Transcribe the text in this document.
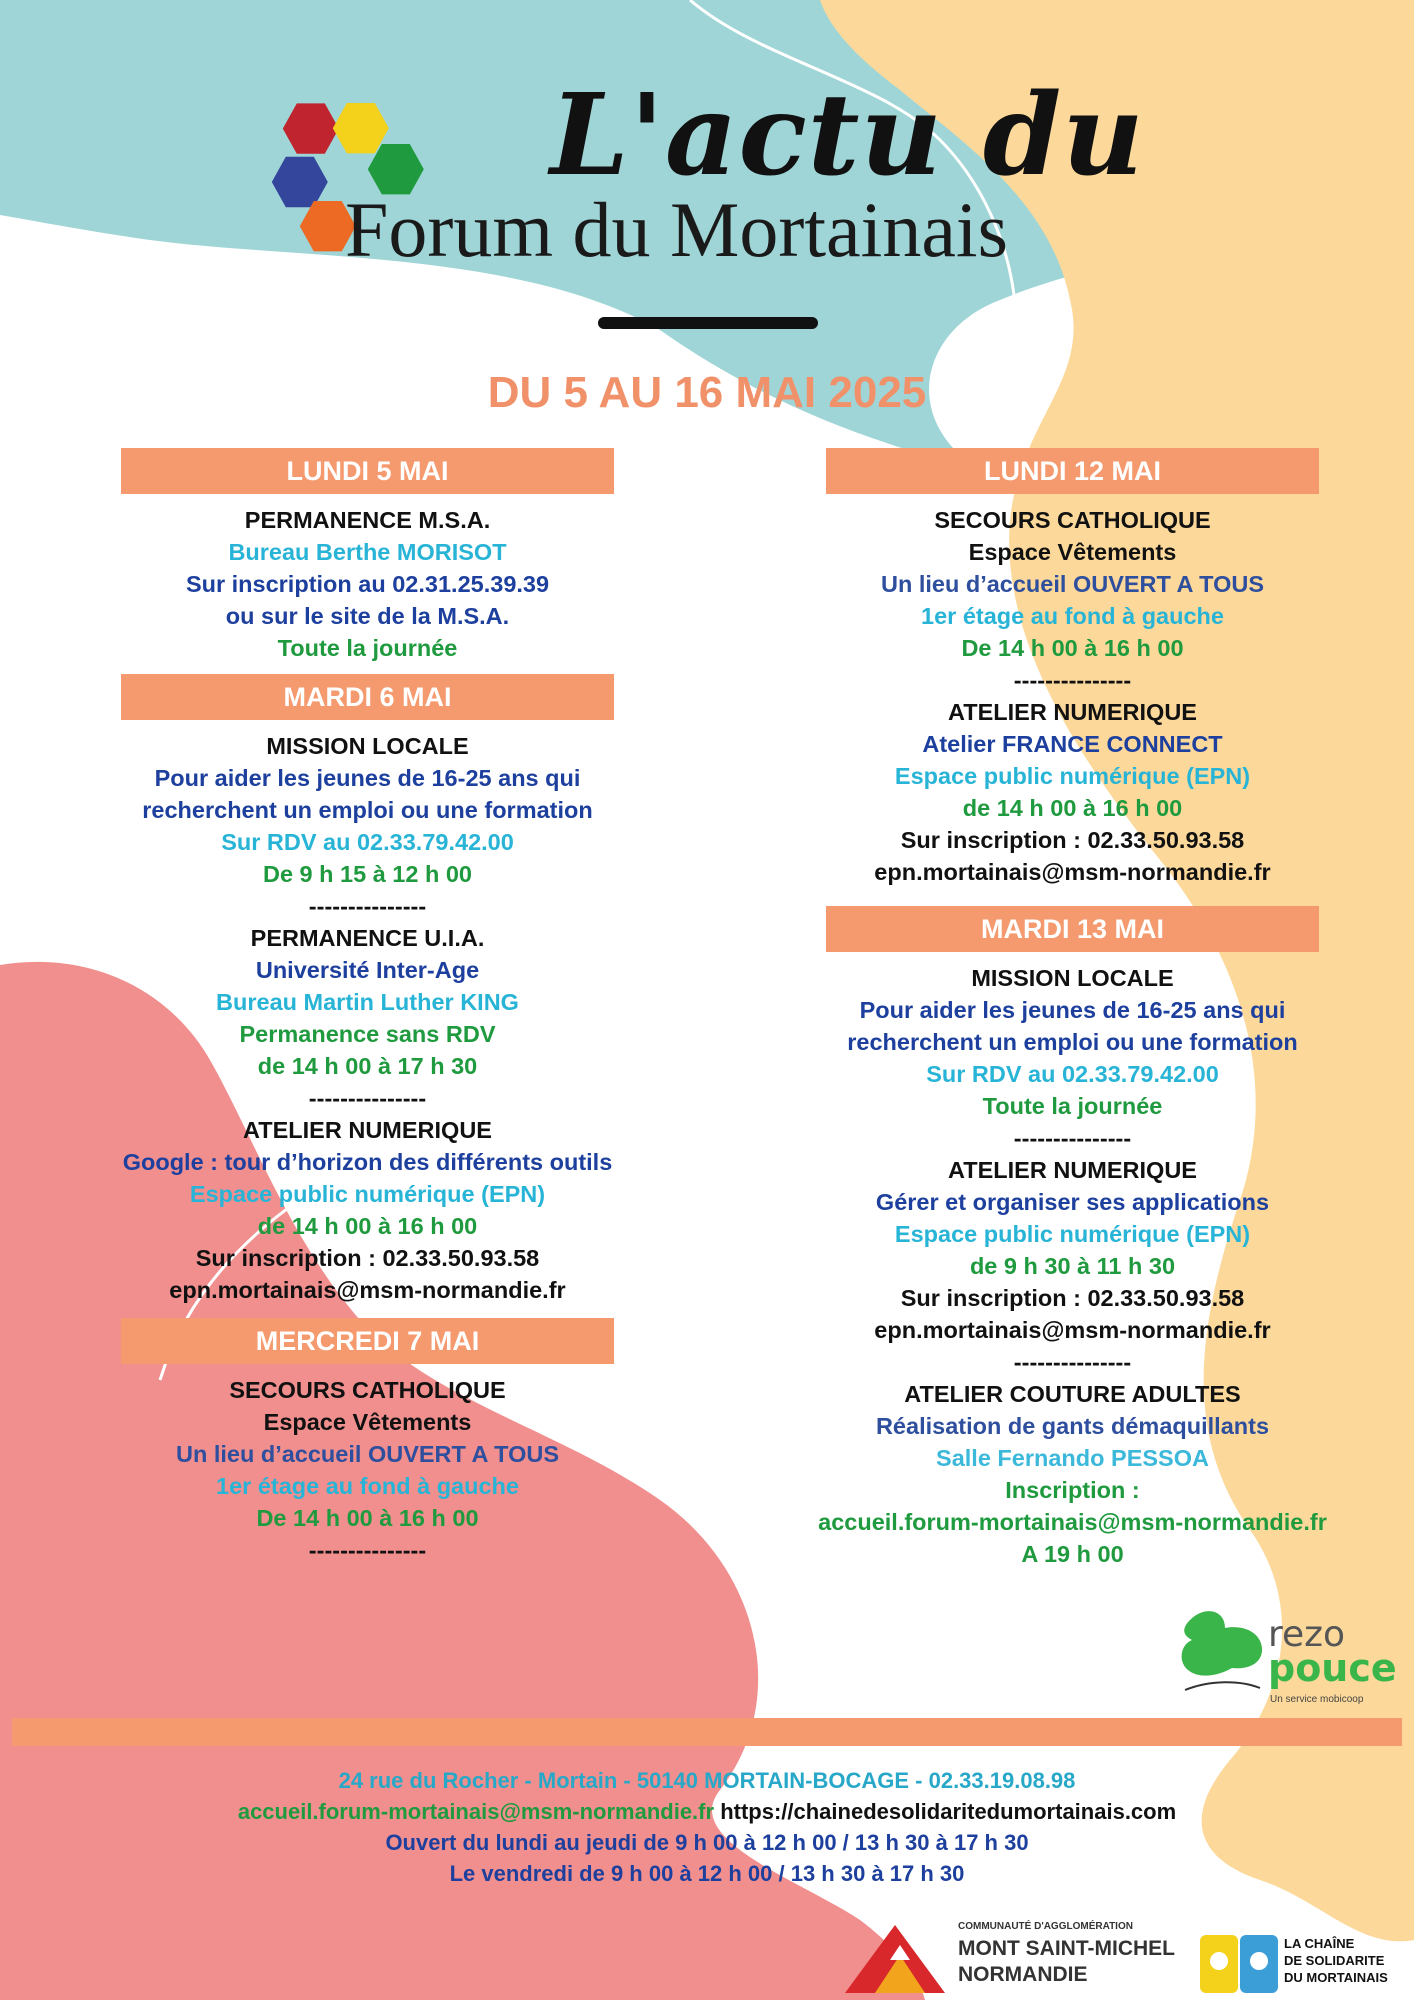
L'actu du
Forum du Mortainais
DU 5 AU 16 MAI 2025
LUNDI 5 MAI
PERMANENCE M.S.A.
Bureau Berthe MORISOT
Sur inscription au 02.31.25.39.39
ou sur le site de la M.S.A.
Toute la journée
MARDI 6 MAI
MISSION LOCALE
Pour aider les jeunes de 16-25 ans qui
recherchent un emploi ou une formation
Sur RDV au 02.33.79.42.00
De 9 h 15 à 12 h 00
---------------
PERMANENCE U.I.A.
Université Inter-Age
Bureau Martin Luther KING
Permanence sans RDV
de 14 h 00 à 17 h 30
---------------
ATELIER NUMERIQUE
Google : tour d’horizon des différents outils
Espace public numérique (EPN)
de 14 h 00 à 16 h 00
Sur inscription : 02.33.50.93.58
epn.mortainais@msm-normandie.fr
MERCREDI 7 MAI
SECOURS CATHOLIQUE
Espace Vêtements
Un lieu d’accueil OUVERT A TOUS
1er étage au fond à gauche
De 14 h 00 à 16 h 00
---------------
LUNDI 12 MAI
SECOURS CATHOLIQUE
Espace Vêtements
Un lieu d’accueil OUVERT A TOUS
1er étage au fond à gauche
De 14 h 00 à 16 h 00
---------------
ATELIER NUMERIQUE
Atelier FRANCE CONNECT
Espace public numérique (EPN)
de 14 h 00 à 16 h 00
Sur inscription : 02.33.50.93.58
epn.mortainais@msm-normandie.fr
MARDI 13 MAI
MISSION LOCALE
Pour aider les jeunes de 16-25 ans qui
recherchent un emploi ou une formation
Sur RDV au 02.33.79.42.00
Toute la journée
---------------
ATELIER NUMERIQUE
Gérer et organiser ses applications
Espace public numérique (EPN)
de 9 h 30 à 11 h 30
Sur inscription : 02.33.50.93.58
epn.mortainais@msm-normandie.fr
---------------
ATELIER COUTURE ADULTES
Réalisation de gants démaquillants
Salle Fernando PESSOA
Inscription :
accueil.forum-mortainais@msm-normandie.fr
A 19 h 00
rezo
pouce
Un service mobicoop
24 rue du Rocher - Mortain - 50140 MORTAIN-BOCAGE - 02.33.19.08.98
accueil.forum-mortainais@msm-normandie.fr https://chainedesolidaritedumortainais.com
Ouvert du lundi au jeudi de 9 h 00 à 12 h 00 / 13 h 30 à 17 h 30
Le vendredi de 9 h 00 à 12 h 00 / 13 h 30 à 17 h 30
COMMUNAUTÉ D'AGGLOMÉRATION
MONT SAINT-MICHEL
NORMANDIE
LA CHAÎNE
DE SOLIDARITE
DU MORTAINAIS
